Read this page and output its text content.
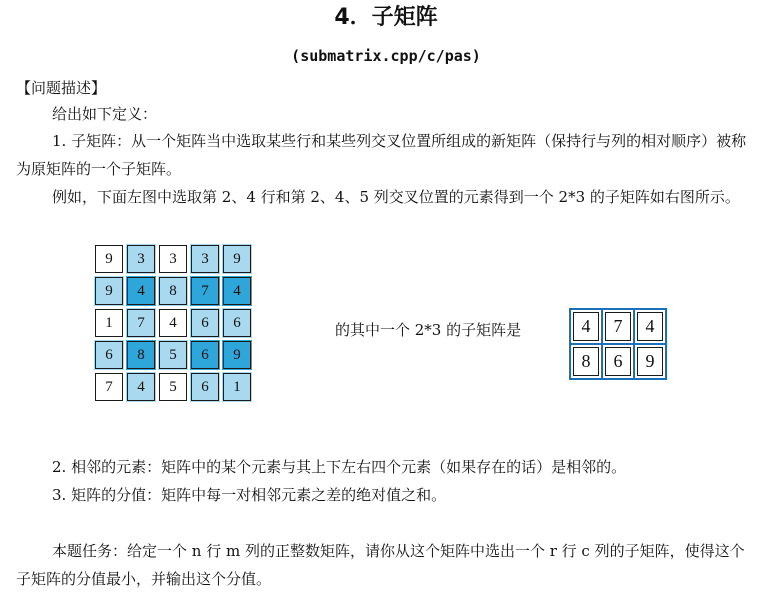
4．子矩阵
(submatrix.cpp/c/pas)
【问题描述】
给出如下定义：
1. 子矩阵：从一个矩阵当中选取某些行和某些列交叉位置所组成的新矩阵（保持行与列的相对顺序）被称为原矩阵的一个子矩阵。
例如，下面左图中选取第 2、4 行和第 2、4、5 列交叉位置的元素得到一个 2*3 的子矩阵如右图所示。
9	3	3	3	9
9	4	8	7	4
1	7	4	6	6
6	8	5	6	9
7	4	5	6	1
的其中一个 2*3 的子矩阵是	4	7	4
8	6	9
2. 相邻的元素：矩阵中的某个元素与其上下左右四个元素（如果存在的话）是相邻的。
3. 矩阵的分值：矩阵中每一对相邻元素之差的绝对值之和。
本题任务：给定一个 n 行 m 列的正整数矩阵，请你从这个矩阵中选出一个 r 行 c 列的子矩阵，使得这个子矩阵的分值最小，并输出这个分值。
